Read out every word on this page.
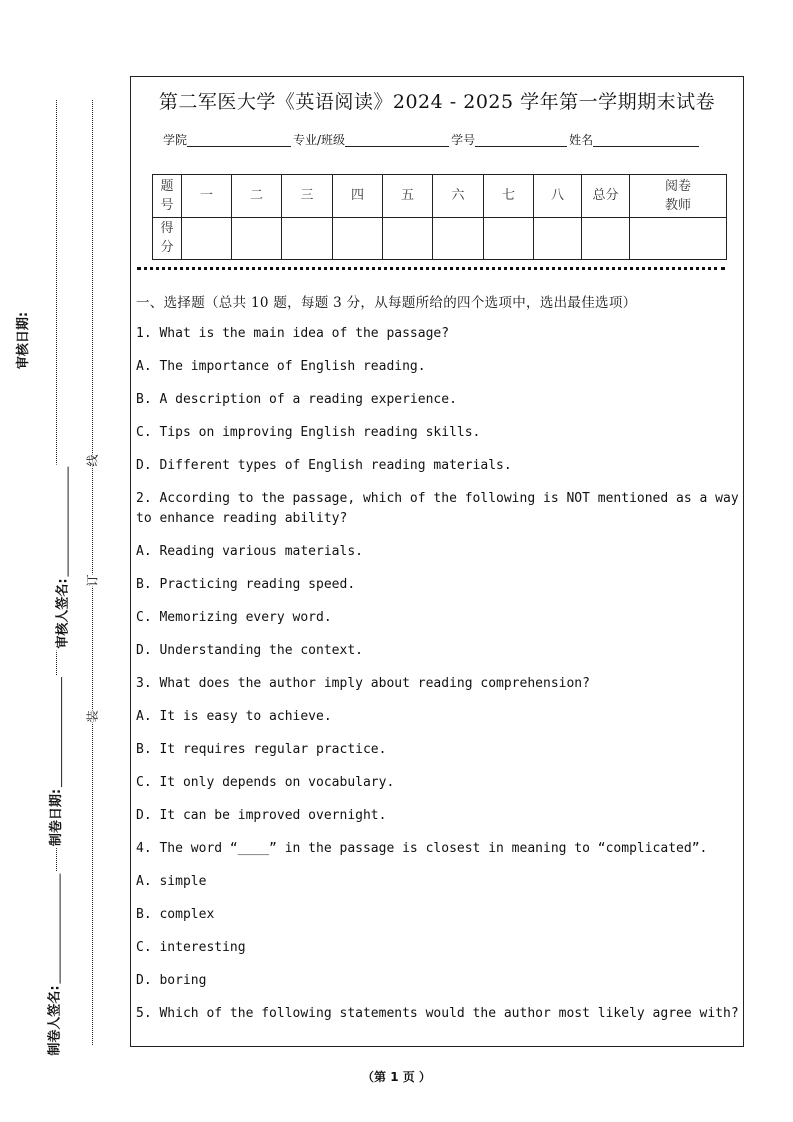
审核日期:
审核人签名:
制卷日期:
制卷人签名:
线
订
装
第二军医大学《英语阅读》2024 - 2025 学年第一学期期末试卷
学院	专业/班级	学号	姓名
题
号	一	二	三	四	五	六	七	八	总分	阅卷
教师
得
分										
一、选择题（总共 10 题，每题 3 分，从每题所给的四个选项中，选出最佳选项）
1. What is the main idea of the passage?
A. The importance of English reading.
B. A description of a reading experience.
C. Tips on improving English reading skills.
D. Different types of English reading materials.
2. According to the passage, which of the following is NOT mentioned as a way to enhance reading ability?
A. Reading various materials.
B. Practicing reading speed.
C. Memorizing every word.
D. Understanding the context.
3. What does the author imply about reading comprehension?
A. It is easy to achieve.
B. It requires regular practice.
C. It only depends on vocabulary.
D. It can be improved overnight.
4. The word “____” in the passage is closest in meaning to “complicated”.
A. simple
B. complex
C. interesting
D. boring
5. Which of the following statements would the author most likely agree with?
（第 1 页 ）
